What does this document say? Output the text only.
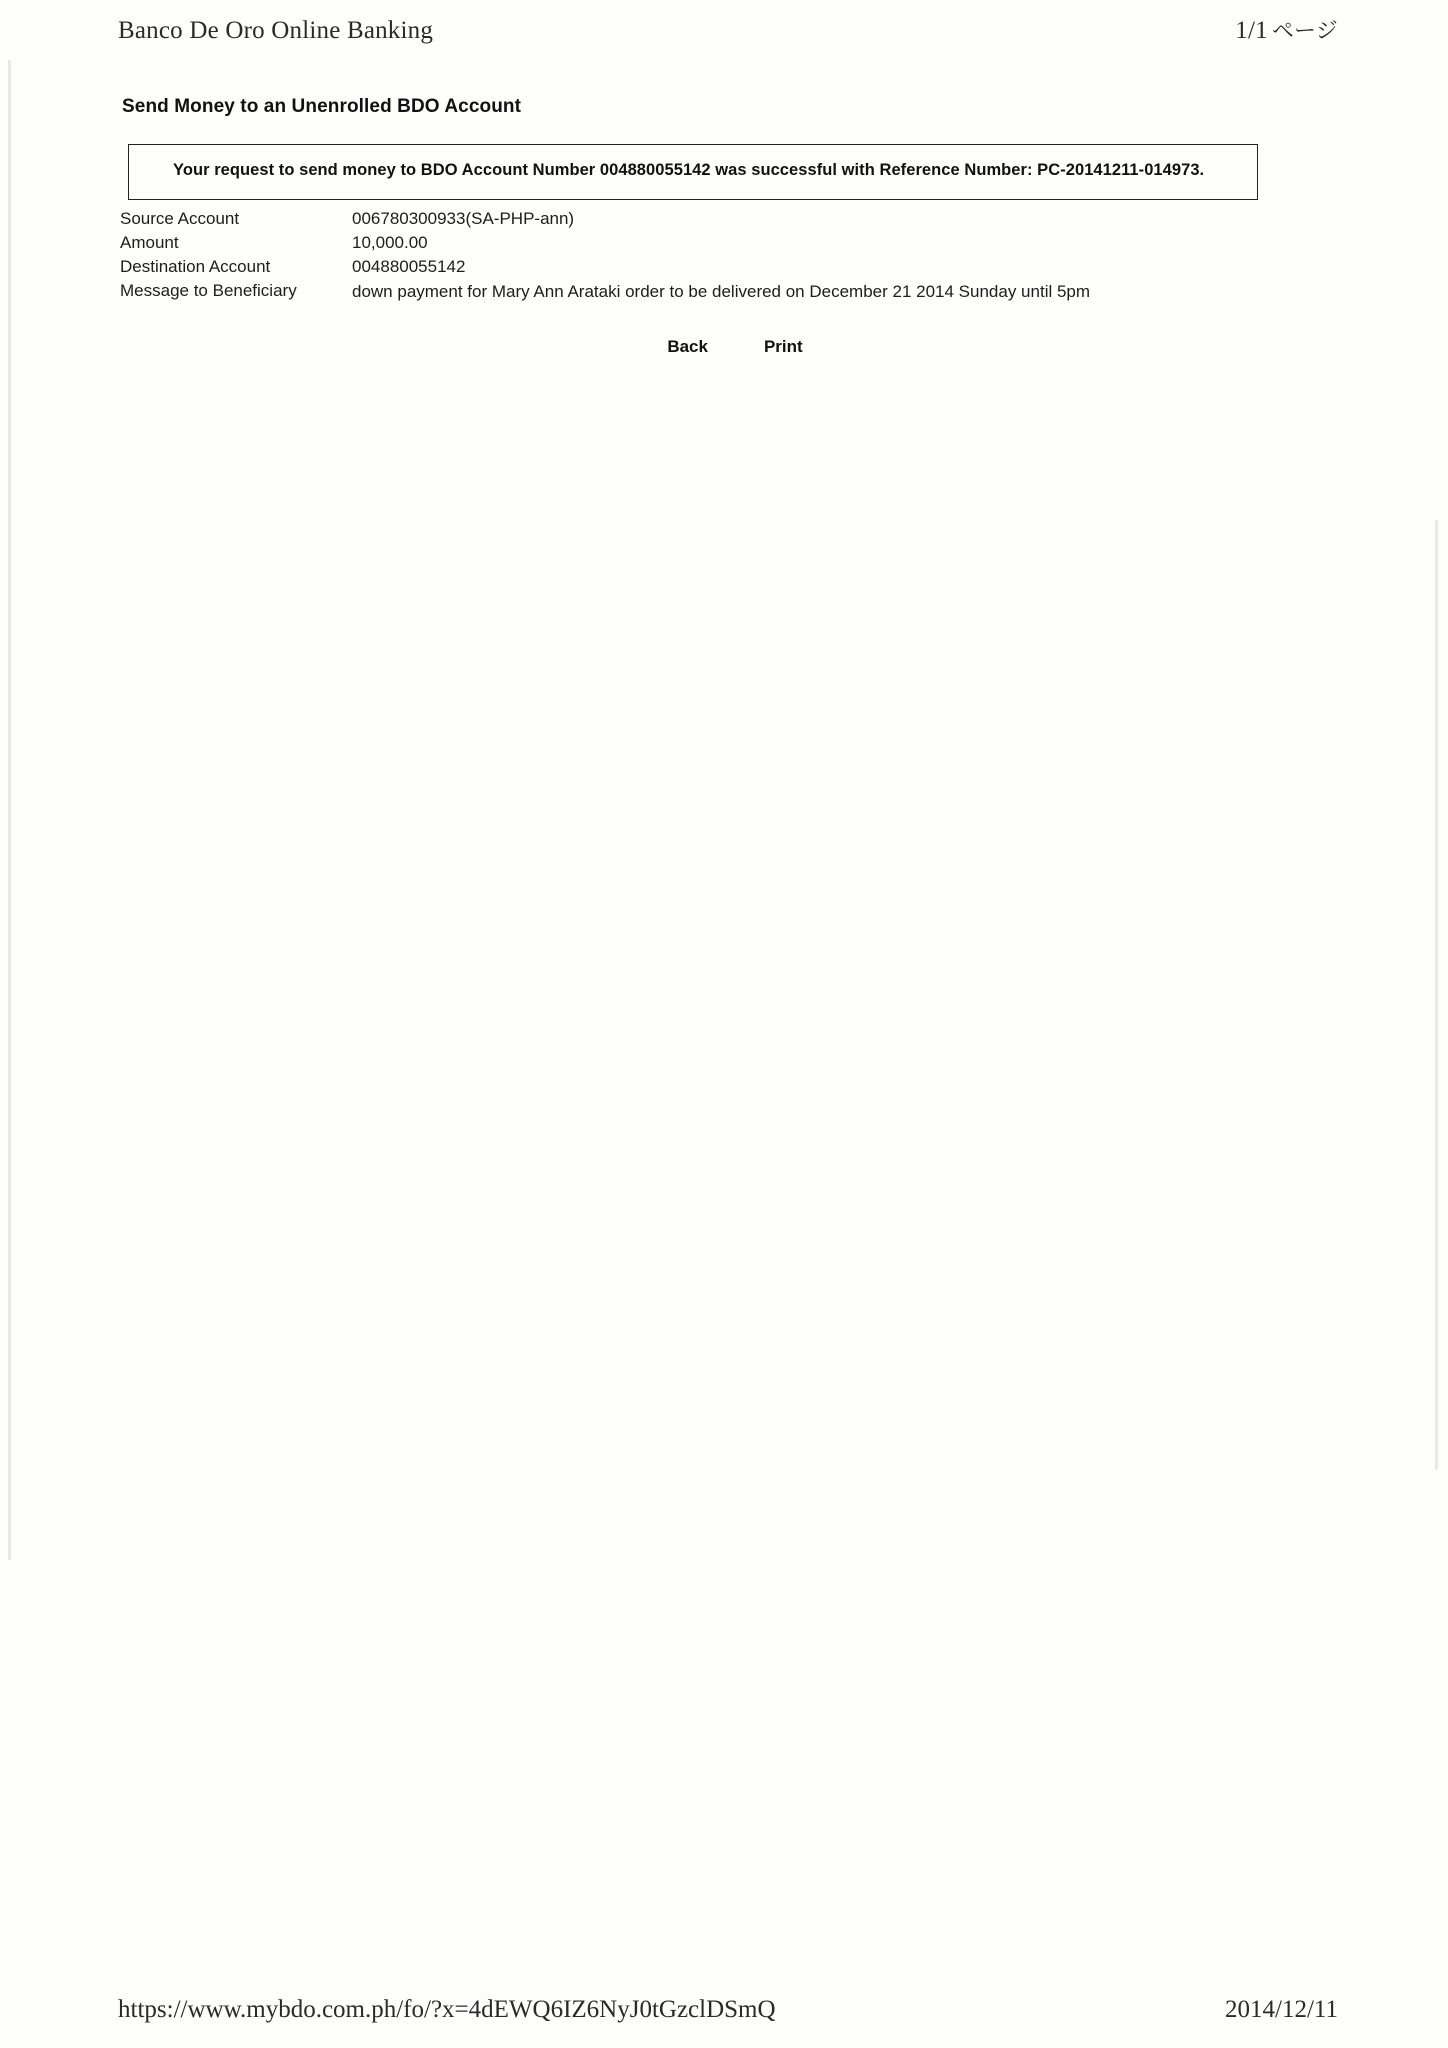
Banco De Oro Online Banking	1/1 ページ
Send Money to an Unenrolled BDO Account

Your request to send money to BDO Account Number 004880055142 was successful with Reference Number: PC-20141211-014973.

Source Account	006780300933(SA-PHP-ann)
Amount	10,000.00
Destination Account	004880055142
Message to Beneficiary	down payment for Mary Ann Arataki order to be delivered on December 21 2014 Sunday until 5pm
Back	Print
https://www.mybdo.com.ph/fo/?x=4dEWQ6IZ6NyJ0tGzclDSmQ	2014/12/11
